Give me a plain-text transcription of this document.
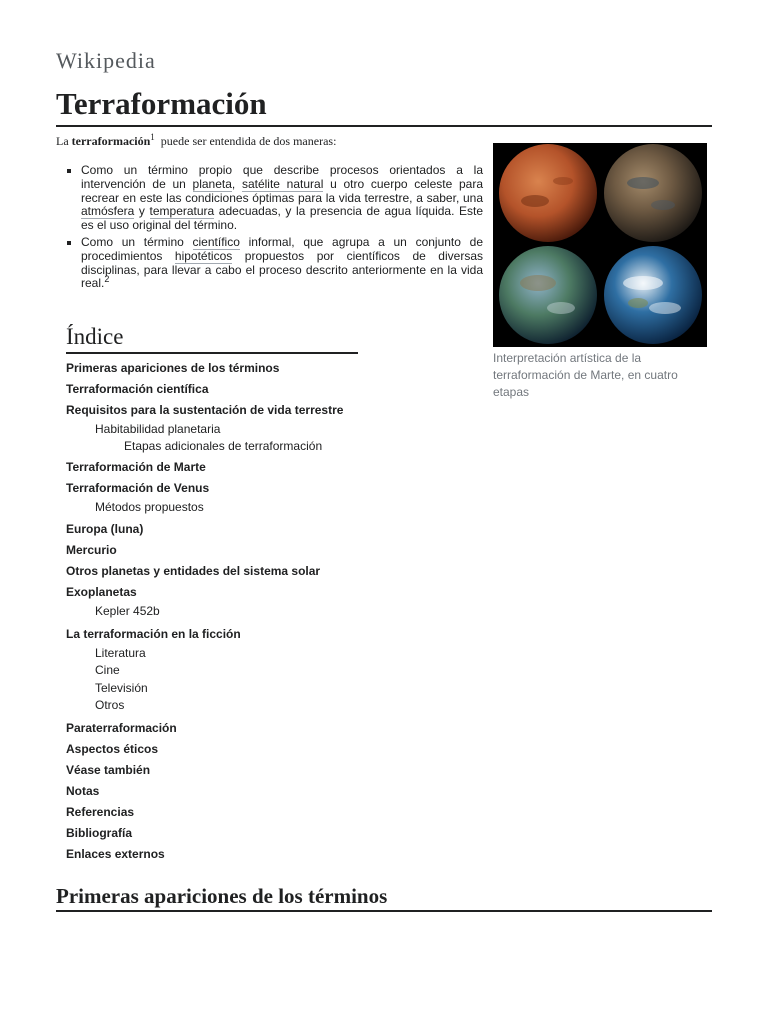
Wikipedia
Terraformación

La terraformación$^1$ puede ser entendida de dos maneras:

▪ Como un término propio que describe procesos orientados a la intervención de un planeta, satélite natural u otro cuerpo celeste para recrear en este las condiciones óptimas para la vida terrestre, a saber, una atmósfera y temperatura adecuadas, y la presencia de agua líquida. Este es el uso original del término.
▪ Como un término científico informal, que agrupa a un conjunto de procedimientos hipotéticos propuestos por científicos de diversas disciplinas, para llevar a cabo el proceso descrito anteriormente en la vida real.$^2$
Interpretación artística de la terraformación de Marte, en cuatro etapas
Índice
Primeras apariciones de los términos
Terraformación científica
Requisitos para la sustentación de vida terrestre
Habitabilidad planetaria
Etapas adicionales de terraformación
Terraformación de Marte
Terraformación de Venus
Métodos propuestos
Europa (luna)
Mercurio
Otros planetas y entidades del sistema solar
Exoplanetas
Kepler 452b
La terraformación en la ficción
Literatura
Cine
Televisión
Otros
Paraterraformación
Aspectos éticos
Véase también
Notas
Referencias
Bibliografía
Enlaces externos
Primeras apariciones de los términos
